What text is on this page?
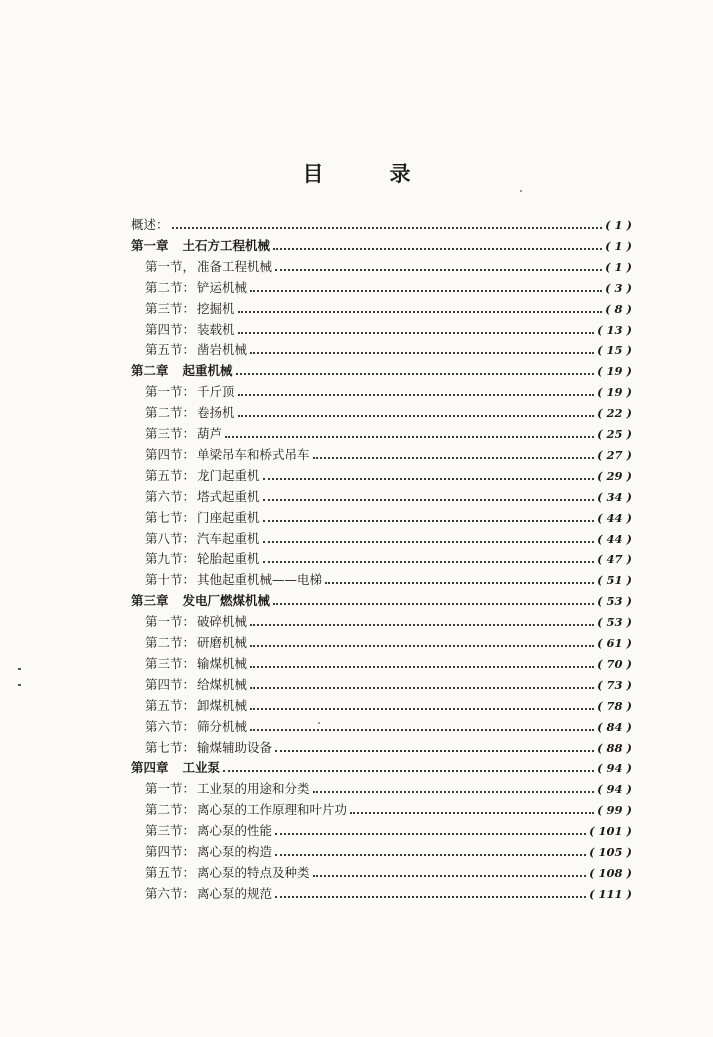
目录
概述：	( 1 )
第一章 土石方工程机械	( 1 )
第一节， 准备工程机械	( 1 )
第二节： 铲运机械	( 3 )
第三节： 挖掘机	( 8 )
第四节： 装载机	( 13 )
第五节： 凿岩机械	( 15 )
第二章 起重机械	( 19 )
第一节： 千斤顶	( 19 )
第二节： 卷扬机	( 22 )
第三节： 葫芦	( 25 )
第四节： 单梁吊车和桥式吊车	( 27 )
第五节： 龙门起重机	( 29 )
第六节： 塔式起重机	( 34 )
第七节： 门座起重机	( 44 )
第八节： 汽车起重机	( 44 )
第九节： 轮胎起重机	( 47 )
第十节： 其他起重机械——电梯	( 51 )
第三章 发电厂燃煤机械	( 53 )
第一节： 破碎机械	( 53 )
第二节： 研磨机械	( 61 )
第三节： 输煤机械	( 70 )
第四节： 给煤机械	( 73 )
第五节： 卸煤机械	( 78 )
第六节： 筛分机械	( 84 )
第七节： 输煤辅助设备	( 88 )
第四章 工业泵	( 94 )
第一节： 工业泵的用途和分类	( 94 )
第二节： 离心泵的工作原理和叶片功	( 99 )
第三节： 离心泵的性能	( 101 )
第四节： 离心泵的构造	( 105 )
第五节： 离心泵的特点及种类	( 108 )
第六节： 离心泵的规范	( 111 )
